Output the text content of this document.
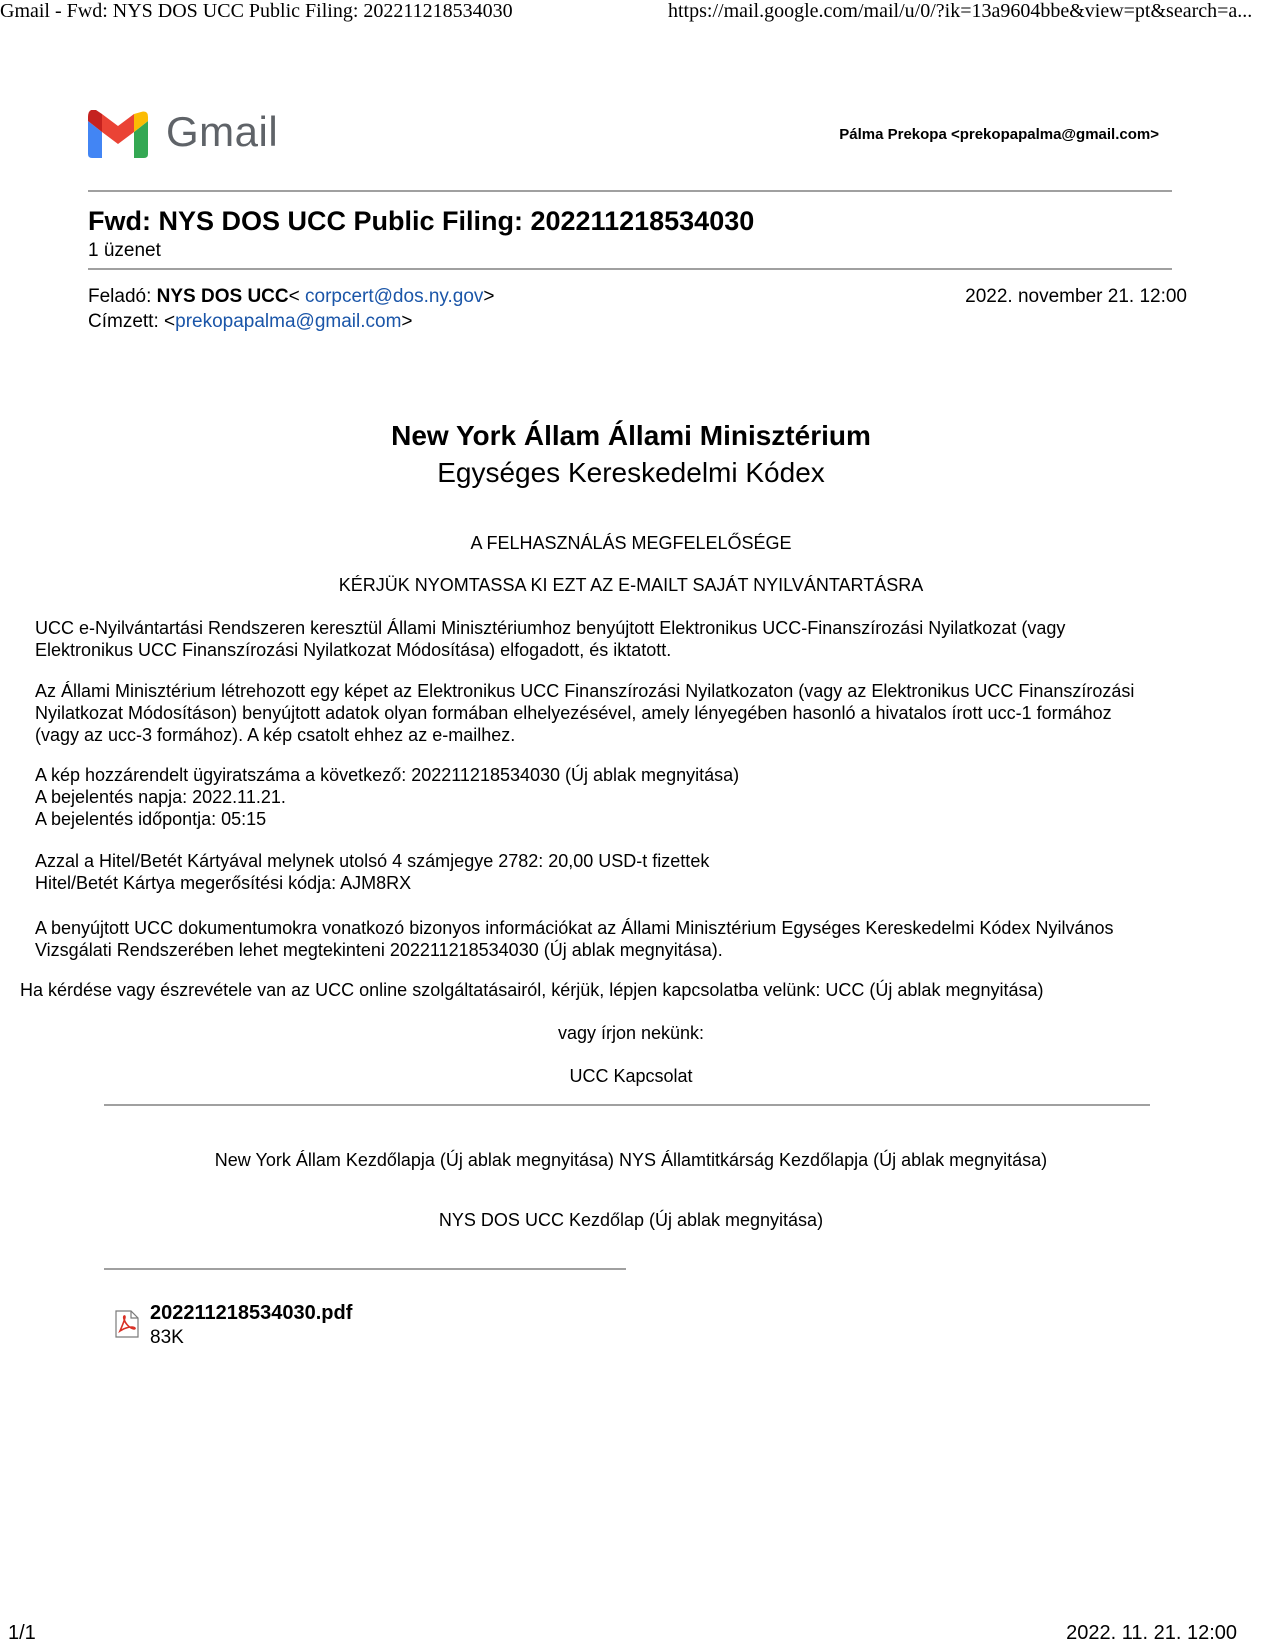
Gmail - Fwd: NYS DOS UCC Public Filing: 202211218534030	https://mail.google.com/mail/u/0/?ik=13a9604bbe&view=pt&search=a...
Gmail	Pálma Prekopa <prekopapalma@gmail.com>
Fwd: NYS DOS UCC Public Filing: 202211218534030
1 üzenet
Feladó: NYS DOS UCC< corpcert@dos.ny.gov>	2022. november 21. 12:00
Címzett: <prekopapalma@gmail.com>
New York Állam Állami Minisztérium
Egységes Kereskedelmi Kódex
A FELHASZNÁLÁS MEGFELELŐSÉGE
KÉRJÜK NYOMTASSA KI EZT AZ E-MAILT SAJÁT NYILVÁNTARTÁSRA

UCC e-Nyilvántartási Rendszeren keresztül Állami Minisztériumhoz benyújtott Elektronikus UCC-Finanszírozási Nyilatkozat (vagy

Elektronikus UCC Finanszírozási Nyilatkozat Módosítása) elfogadott, és iktatott.

Az Állami Minisztérium létrehozott egy képet az Elektronikus UCC Finanszírozási Nyilatkozaton (vagy az Elektronikus UCC Finanszírozási

Nyilatkozat Módosításon) benyújtott adatok olyan formában elhelyezésével, amely lényegében hasonló a hivatalos írott ucc-1 formához

(vagy az ucc-3 formához). A kép csatolt ehhez az e-mailhez.

A kép hozzárendelt ügyiratszáma a következő: 202211218534030 (Új ablak megnyitása)

A bejelentés napja: 2022.11.21.

A bejelentés időpontja: 05:15

Azzal a Hitel/Betét Kártyával melynek utolsó 4 számjegye 2782: 20,00 USD-t fizettek

Hitel/Betét Kártya megerősítési kódja: AJM8RX

A benyújtott UCC dokumentumokra vonatkozó bizonyos információkat az Állami Minisztérium Egységes Kereskedelmi Kódex Nyilvános

Vizsgálati Rendszerében lehet megtekinteni 202211218534030 (Új ablak megnyitása).

Ha kérdése vagy észrevétele van az UCC online szolgáltatásairól, kérjük, lépjen kapcsolatba velünk: UCC (Új ablak megnyitása)
vagy írjon nekünk:
UCC Kapcsolat
New York Állam Kezdőlapja (Új ablak megnyitása) NYS Államtitkárság Kezdőlapja (Új ablak megnyitása)
NYS DOS UCC Kezdőlap (Új ablak megnyitása)
202211218534030.pdf
83K
1/1	2022. 11. 21. 12:00
